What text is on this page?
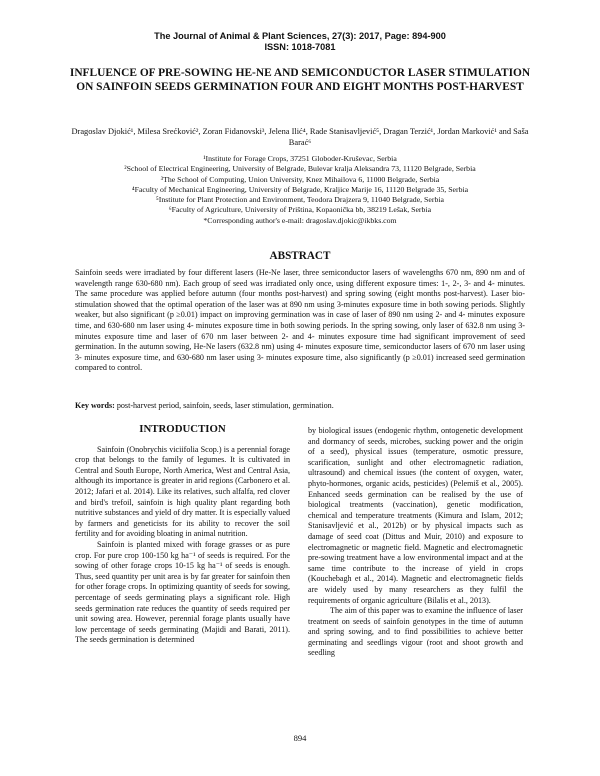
The Journal of Animal & Plant Sciences, 27(3): 2017, Page: 894-900
ISSN: 1018-7081
INFLUENCE OF PRE-SOWING HE-NE AND SEMICONDUCTOR LASER STIMULATION ON SAINFOIN SEEDS GERMINATION FOUR AND EIGHT MONTHS POST-HARVEST
Dragoslav Djokić¹, Milesa Srećković², Zoran Fidanovski³, Jelena Ilić⁴, Rade Stanisavljević⁵, Dragan Terzić¹, Jordan Marković¹ and Saša Barać⁶
¹Institute for Forage Crops, 37251 Globoder-Kruševac, Serbia
²School of Electrical Engineering, University of Belgrade, Bulevar kralja Aleksandra 73, 11120 Belgrade, Serbia
³The School of Computing, Union University, Knez Mihailova 6, 11000 Belgrade, Serbia
⁴Faculty of Mechanical Engineering, University of Belgrade, Kraljice Marije 16, 11120 Belgrade 35, Serbia
⁵Institute for Plant Protection and Environment, Teodora Drajzera 9, 11040 Belgrade, Serbia
⁶Faculty of Agriculture, University of Priština, Kopaonička bb, 38219 Lešak, Serbia
*Corresponding author's e-mail: dragoslav.djokic@ikbks.com
ABSTRACT
Sainfoin seeds were irradiated by four different lasers (He-Ne laser, three semiconductor lasers of wavelengths 670 nm, 890 nm and of wavelength range 630-680 nm). Each group of seed was irradiated only once, using different exposure times: 1-, 2-, 3- and 4- minutes. The same procedure was applied before autumn (four months post-harvest) and spring sowing (eight months post-harvest). Laser bio-stimulation showed that the optimal operation of the laser was at 890 nm using 3-minutes exposure time in both sowing periods. Slightly weaker, but also significant (p ≥0.01) impact on improving germination was in case of laser of 890 nm using 2- and 4- minutes exposure time, and 630-680 nm laser using 4- minutes exposure time in both sowing periods. In the spring sowing, only laser of 632.8 nm using 3- minutes exposure time and laser of 670 nm laser between 2- and 4- minutes exposure time had significant improvement of seed germination. In the autumn sowing, He-Ne lasers (632.8 nm) using 4- minutes exposure time, semiconductor lasers of 670 nm laser using 3- minutes exposure time, and 630-680 nm laser using 3- minutes exposure time, also significantly (p ≥0.01) increased seed germination compared to control.
Key words: post-harvest period, sainfoin, seeds, laser stimulation, germination.
INTRODUCTION

Sainfoin (Onobrychis viciifolia Scop.) is a perennial forage crop that belongs to the family of legumes. It is cultivated in Central and South Europe, North America, West and Central Asia, although its importance is greater in arid regions (Carbonero et al. 2012; Jafari et al. 2014). Like its relatives, such alfalfa, red clover and bird's trefoil, sainfoin is high quality plant regarding both nutritive substances and yield of dry matter. It is especially valued by farmers and geneticists for its ability to recover the soil fertility and for avoiding bloating in animal nutrition.

Sainfoin is planted mixed with forage grasses or as pure crop. For pure crop 100-150 kg ha⁻¹ of seeds is required. For the sowing of other forage crops 10-15 kg ha⁻¹ of seeds is enough. Thus, seed quantity per unit area is by far greater for sainfoin then for other forage crops. In optimizing quantity of seeds for sowing, percentage of seeds germinating plays a significant role. High seeds germination rate reduces the quantity of seeds required per unit sowing area. However, perennial forage plants usually have low percentage of seeds germinating (Majidi and Barati, 2011). The seeds germination is determined

by biological issues (endogenic rhythm, ontogenetic development and dormancy of seeds, microbes, sucking power and the origin of a seed), physical issues (temperature, osmotic pressure, scarification, sunlight and other electromagnetic radiation, ultrasound) and chemical issues (the content of oxygen, water, phyto-hormones, organic acids, pesticides) (Pelemiš et al., 2005). Enhanced seeds germination can be realised by the use of biological treatments (vaccination), genetic modification, chemical and temperature treatments (Kimura and Islam, 2012; Stanisavljević et al., 2012b) or by physical impacts such as damage of seed coat (Dittus and Muir, 2010) and exposure to electromagnetic or magnetic field. Magnetic and electromagnetic pre-sowing treatment have a low environmental impact and at the same time contribute to the increase of yield in crops (Kouchebagh et al., 2014). Magnetic and electromagnetic fields are widely used by many researchers as they fulfil the requirements of organic agriculture (Bilalis et al., 2013).

The aim of this paper was to examine the influence of laser treatment on seeds of sainfoin genotypes in the time of autumn and spring sowing, and to find possibilities to achieve better germinating and seedlings vigour (root and shoot growth and seedling

894
